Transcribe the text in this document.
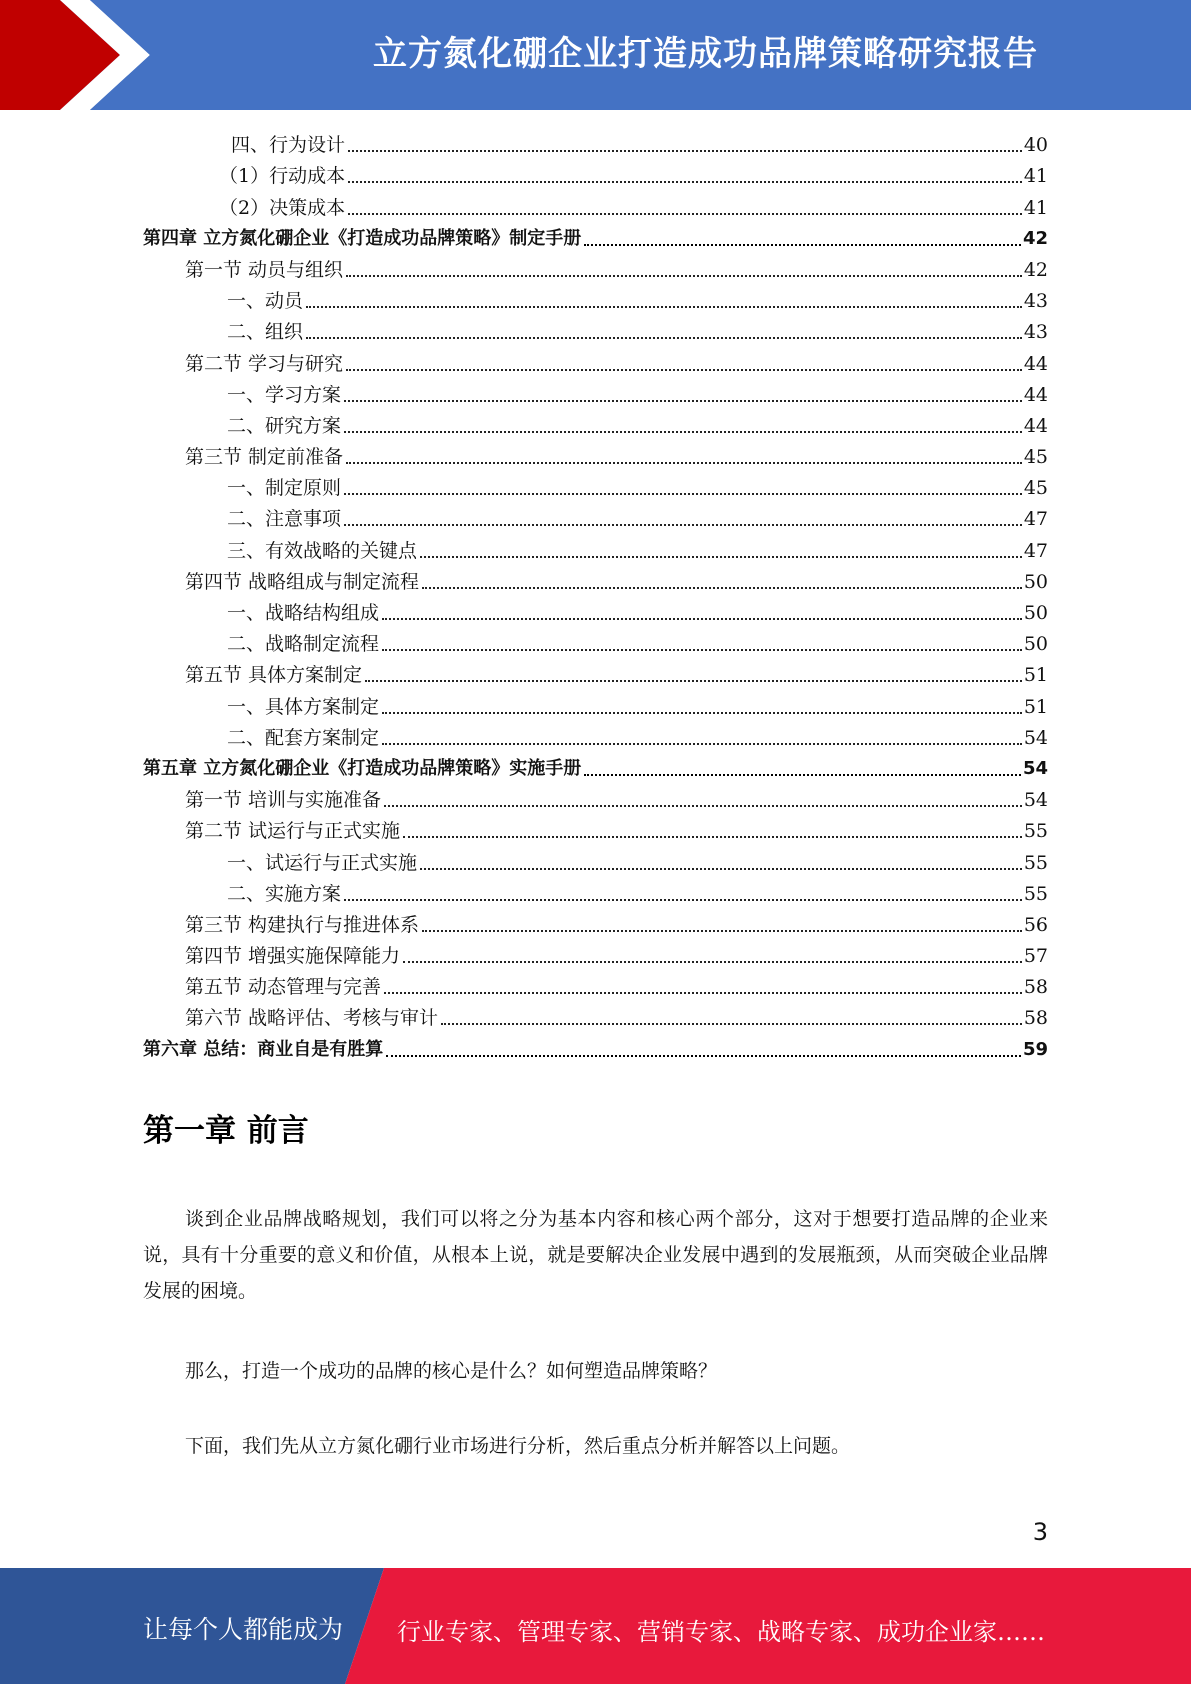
立方氮化硼企业打造成功品牌策略研究报告
四、行为设计	40
（1）行动成本	41
（2）决策成本	41
第四章 立方氮化硼企业《打造成功品牌策略》制定手册	42
第一节 动员与组织	42
一、动员	43
二、组织	43
第二节 学习与研究	44
一、学习方案	44
二、研究方案	44
第三节 制定前准备	45
一、制定原则	45
二、注意事项	47
三、有效战略的关键点	47
第四节 战略组成与制定流程	50
一、战略结构组成	50
二、战略制定流程	50
第五节 具体方案制定	51
一、具体方案制定	51
二、配套方案制定	54
第五章 立方氮化硼企业《打造成功品牌策略》实施手册	54
第一节 培训与实施准备	54
第二节 试运行与正式实施	55
一、试运行与正式实施	55
二、实施方案	55
第三节 构建执行与推进体系	56
第四节 增强实施保障能力	57
第五节 动态管理与完善	58
第六节 战略评估、考核与审计	58
第六章 总结：商业自是有胜算	59
第一章 前言
谈到企业品牌战略规划，我们可以将之分为基本内容和核心两个部分，这对于想要打造品牌的企业来说，具有十分重要的意义和价值，从根本上说，就是要解决企业发展中遇到的发展瓶颈，从而突破企业品牌发展的困境。
那么，打造一个成功的品牌的核心是什么？如何塑造品牌策略？
下面，我们先从立方氮化硼行业市场进行分析，然后重点分析并解答以上问题。
3
让每个人都能成为 行业专家、管理专家、营销专家、战略专家、成功企业家……
